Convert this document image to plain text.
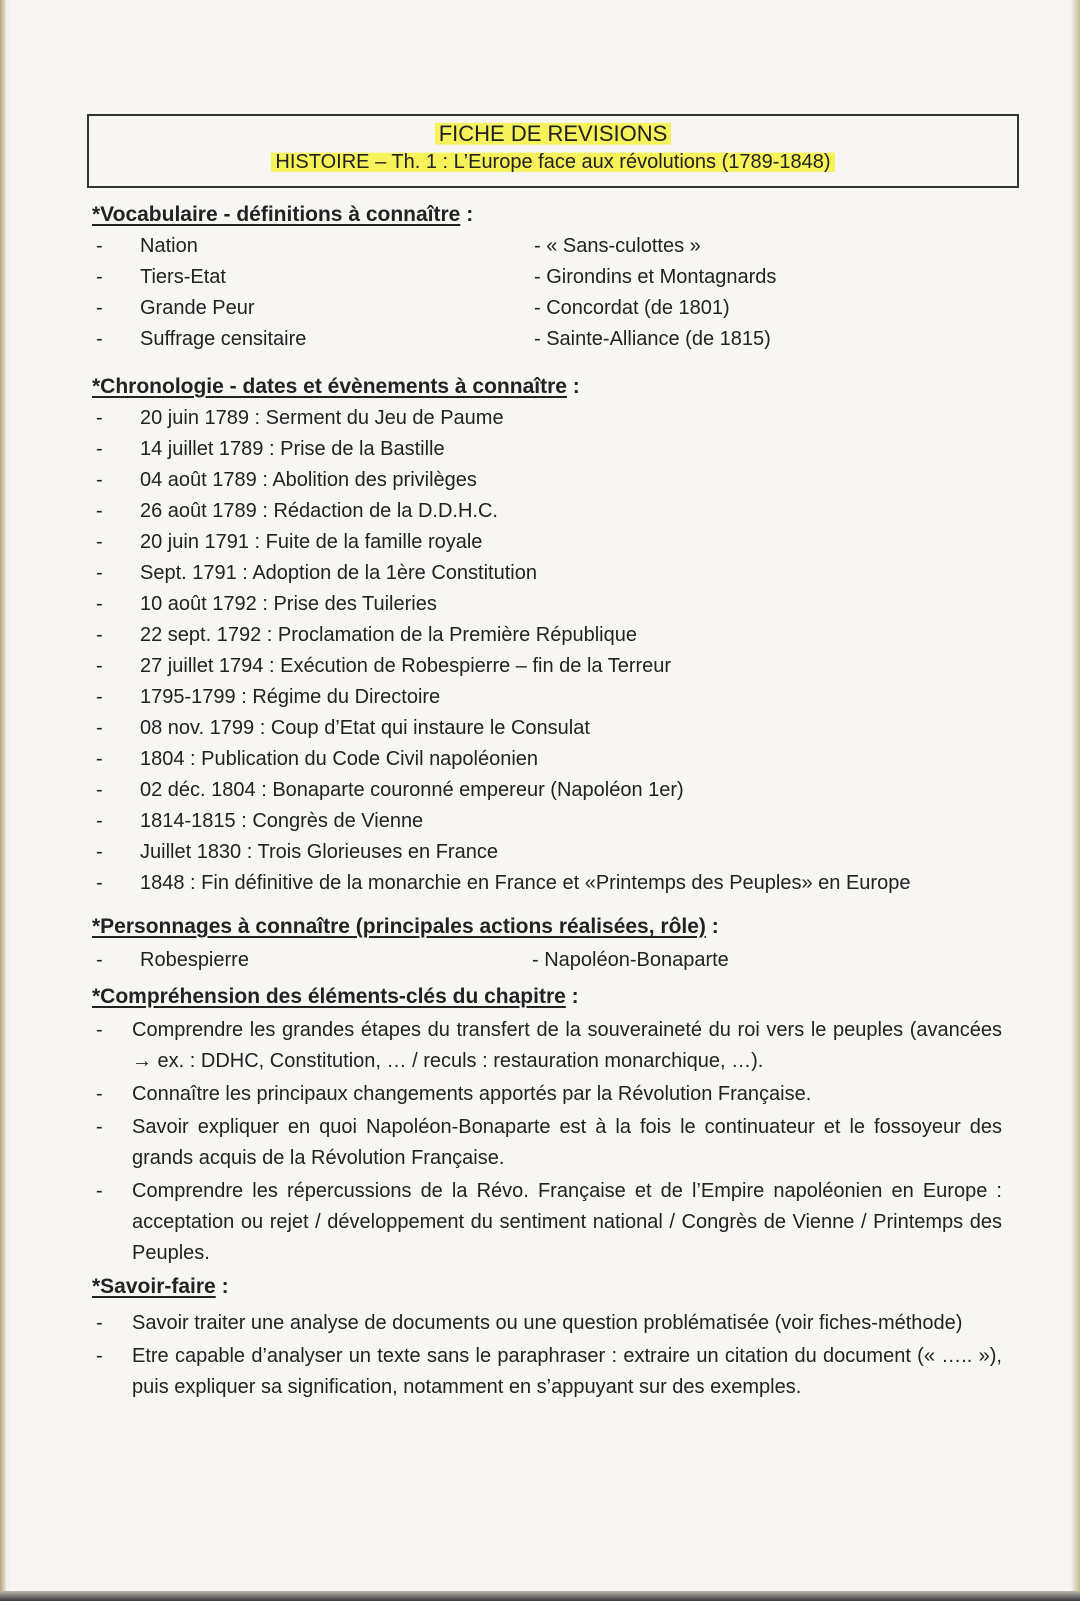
FICHE DE REVISIONS
HISTOIRE – Th. 1 : L’Europe face aux révolutions (1789-1848)
*Vocabulaire - définitions à connaître :
- Nation
- Tiers-Etat
- Grande Peur
- Suffrage censitaire
- « Sans-culottes »
- Girondins et Montagnards
- Concordat (de 1801)
- Sainte-Alliance (de 1815)
*Chronologie - dates et évènements à connaître :
- 20 juin 1789 : Serment du Jeu de Paume
- 14 juillet 1789 : Prise de la Bastille
- 04 août 1789 : Abolition des privilèges
- 26 août 1789 : Rédaction de la D.D.H.C.
- 20 juin 1791 : Fuite de la famille royale
- Sept. 1791 : Adoption de la 1ère Constitution
- 10 août 1792 : Prise des Tuileries
- 22 sept. 1792 : Proclamation de la Première République
- 27 juillet 1794 : Exécution de Robespierre – fin de la Terreur
- 1795-1799 : Régime du Directoire
- 08 nov. 1799 : Coup d’Etat qui instaure le Consulat
- 1804 : Publication du Code Civil napoléonien
- 02 déc. 1804 : Bonaparte couronné empereur (Napoléon 1er)
- 1814-1815 : Congrès de Vienne
- Juillet 1830 : Trois Glorieuses en France
- 1848 : Fin définitive de la monarchie en France et «Printemps des Peuples» en Europe
*Personnages à connaître (principales actions réalisées, rôle) :
- Robespierre
-	Napoléon-Bonaparte
*Compréhension des éléments-clés du chapitre :
- Comprendre les grandes étapes du transfert de la souveraineté du roi vers le peuples (avancées → ex. : DDHC, Constitution, … / reculs : restauration monarchique, …).
- Connaître les principaux changements apportés par la Révolution Française.
- Savoir expliquer en quoi Napoléon-Bonaparte est à la fois le continuateur et le fossoyeur des grands acquis de la Révolution Française.
- Comprendre les répercussions de la Révo. Française et de l’Empire napoléonien en Europe : acceptation ou rejet / développement du sentiment national / Congrès de Vienne / Printemps des Peuples.
*Savoir-faire :
- Savoir traiter une analyse de documents ou une question problématisée (voir fiches-méthode)
- Etre capable d’analyser un texte sans le paraphraser : extraire un citation du document (« ….. »), puis expliquer sa signification, notamment en s’appuyant sur des exemples.
